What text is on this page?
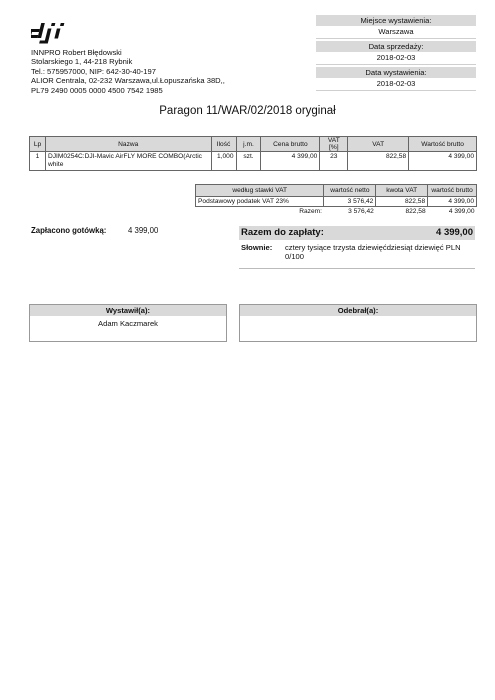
INNPRO Robert Błędowski
Stolarskiego 1, 44-218 Rybnik
Tel.: 575957000, NIP: 642-30-40-197
ALIOR Centrala, 02-232 Warszawa,ul.Łopuszańska 38D,,
PL79 2490 0005 0000 4500 7542 1985
Miejsce wystawienia:
Warszawa
Data sprzedaży:
2018-02-03
Data wystawienia:
2018-02-03
Paragon 11/WAR/02/2018 oryginał
Lp	Nazwa	Ilość	j.m.	Cena brutto	VAT [%]	VAT	Wartość brutto
1	DJIM0254C:DJI-Mavic AirFLY MORE COMBO(Arctic white	1,000	szt.	4 399,00	23	822,58	4 399,00
według stawki VAT	wartość netto	kwota VAT	wartość brutto
Podstawowy podatek VAT 23%	3 576,42	822,58	4 399,00
Razem:	3 576,42	822,58	4 399,00
Zapłacono gotówką:	4 399,00	Razem do zapłaty:	4 399,00
Słownie: cztery tysiące trzysta dziewięćdziesiąt dziewięć PLN 0/100
Wystawił(a):
Adam Kaczmarek
Odebrał(a):
